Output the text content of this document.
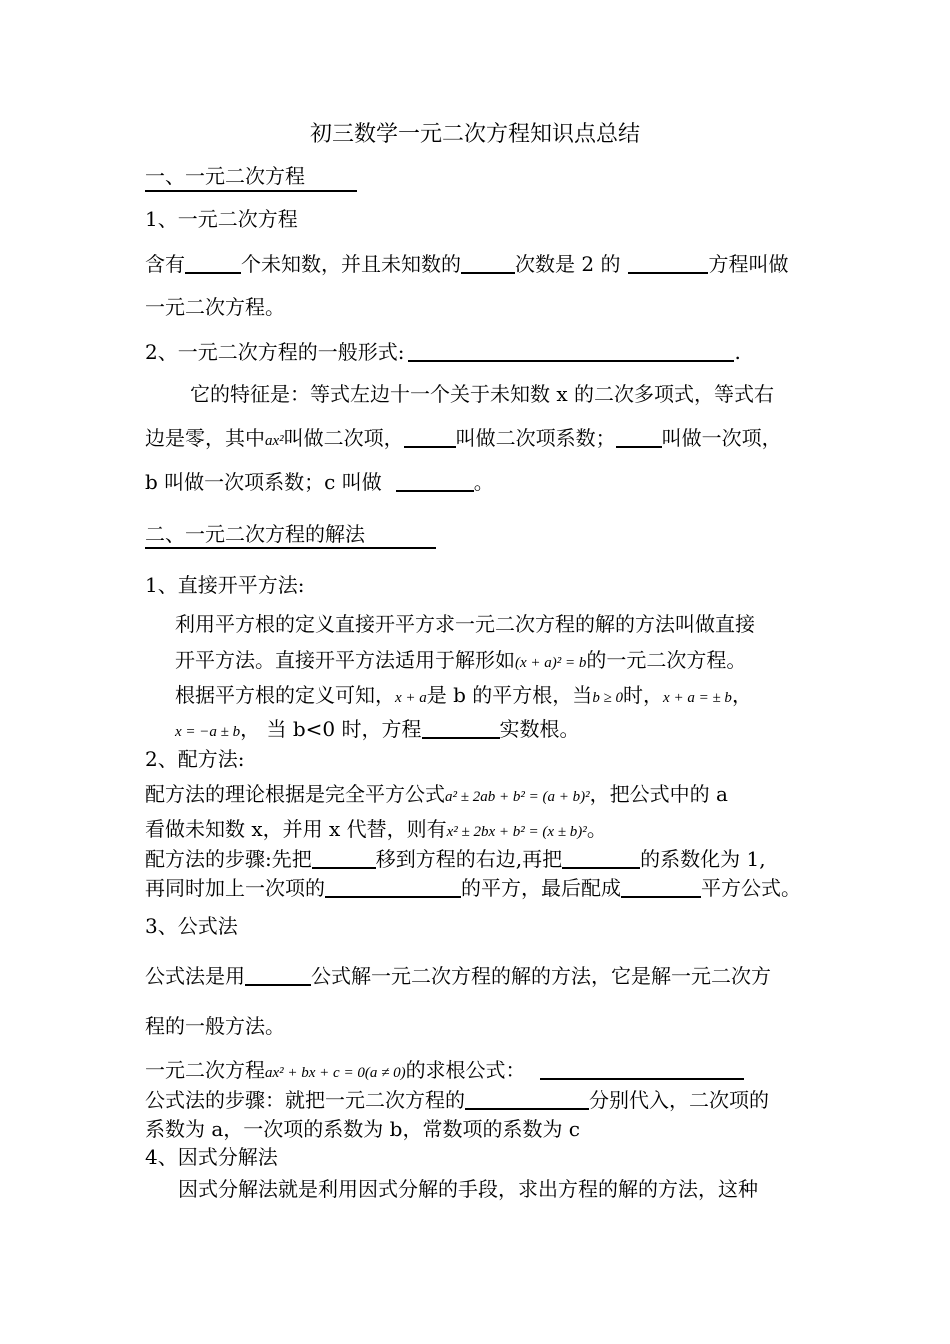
初三数学一元二次方程知识点总结
一、一元二次方程
1、一元二次方程
含有	个未知数，并且未知数的	次数是 2 的	方程叫做
一元二次方程。
2、一元二次方程的一般形式:	.
它的特征是：等式左边十一个关于未知数 x 的二次多项式，等式右
边是零，其中ax²叫做二次项，	叫做二次项系数； 叫做一次项，
b 叫做一次项系数；c 叫做	。
二、一元二次方程的解法
1、直接开平方法:
利用平方根的定义直接开平方求一元二次方程的解的方法叫做直接
开平方法。直接开平方法适用于解形如(x + a)² = b的一元二次方程。
根据平方根的定义可知，x + a是 b 的平方根，当b ≥ 0时，x + a = ± b，
x = −a ± b， 当 b<0 时，方程	实数根。
2、配方法:
配方法的理论根据是完全平方公式a² ± 2ab + b² = (a + b)²，把公式中的 a
看做未知数 x，并用 x 代替，则有x² ± 2bx + b² = (x ± b)²。
配方法的步骤:先把	移到方程的右边,再把	的系数化为 1,
再同时加上一次项的	的平方，最后配成	平方公式。
3、公式法
公式法是用	公式解一元二次方程的解的方法，它是解一元二次方
程的一般方法。
一元二次方程ax² + bx + c = 0(a ≠ 0)的求根公式：
公式法的步骤：就把一元二次方程的	分别代入，二次项的
系数为 a，一次项的系数为 b，常数项的系数为 c
4、因式分解法
因式分解法就是利用因式分解的手段，求出方程的解的方法，这种
